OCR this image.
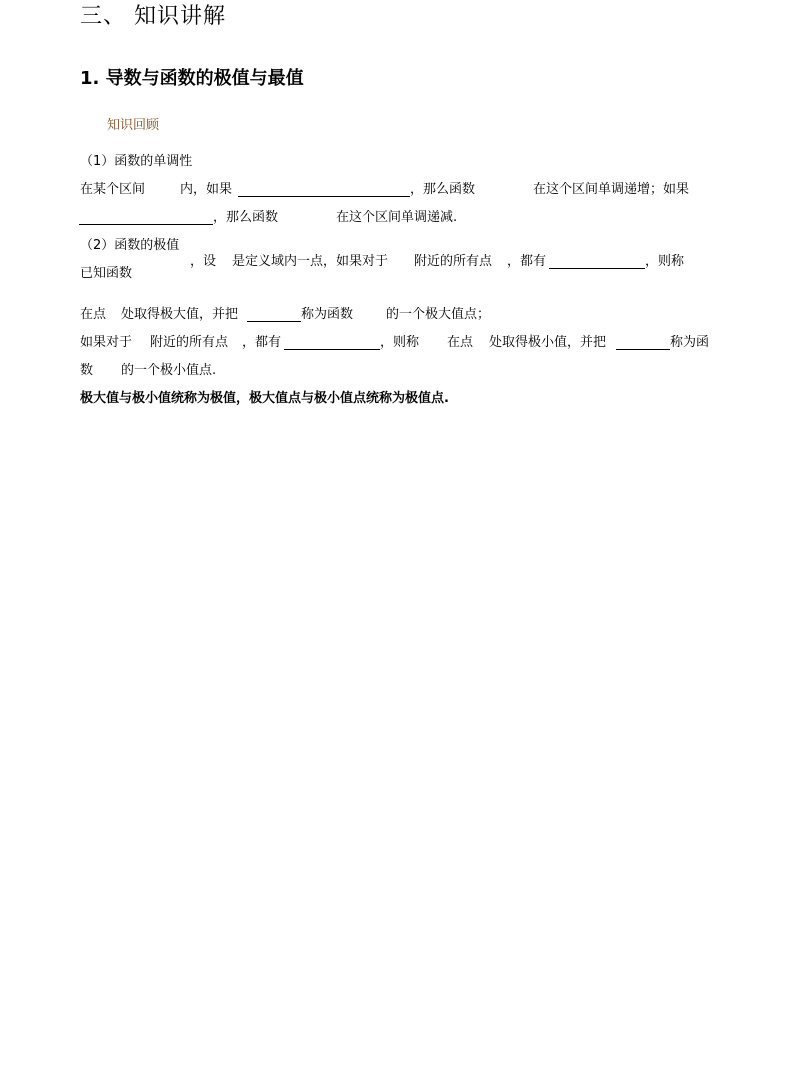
三、 知识讲解
1. 导数与函数的极值与最值
知识回顾
（1）函数的单调性
在某个区间	内，如果	，那么函数	在这个区间单调递增；如果
，那么函数	在这个区间单调递减.
（2）函数的极值
已知函数
，设 是定义域内一点，如果对于 附近的所有点 ，都有	，则称
在点 处取得极大值，并把	称为函数	的一个极大值点；
如果对于 附近的所有点 ，都有	，则称 在点 处取得极小值，并把	称为函
数 的一个极小值点.
极大值与极小值统称为极值，极大值点与极小值点统称为极值点.
